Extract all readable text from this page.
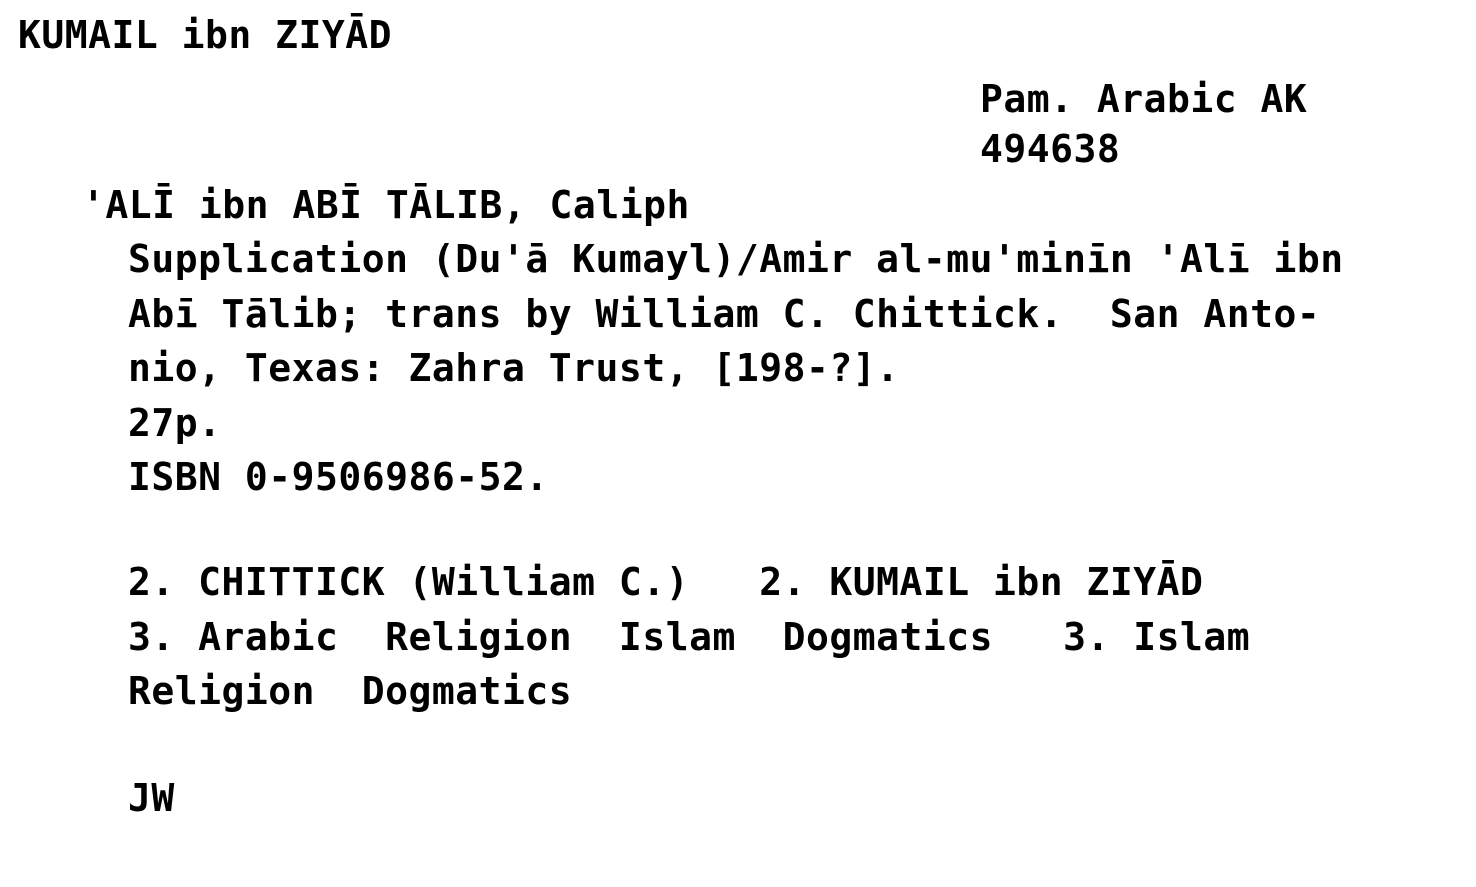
KUMAIL ibn ZIYĀD
Pam. Arabic AK
494638
'ALĪ ibn ABĪ TĀLIB, Caliph
Supplication (Du'ā Kumayl)/Amir al-mu'minīn 'Alī ibn
Abī Tālib; trans by William C. Chittick.  San Anto-
nio, Texas: Zahra Trust, [198-?].
27p.
ISBN 0-9506986-52.
2. CHITTICK (William C.)   2. KUMAIL ibn ZIYĀD
3. Arabic  Religion  Islam  Dogmatics   3. Islam
Religion  Dogmatics
JW
